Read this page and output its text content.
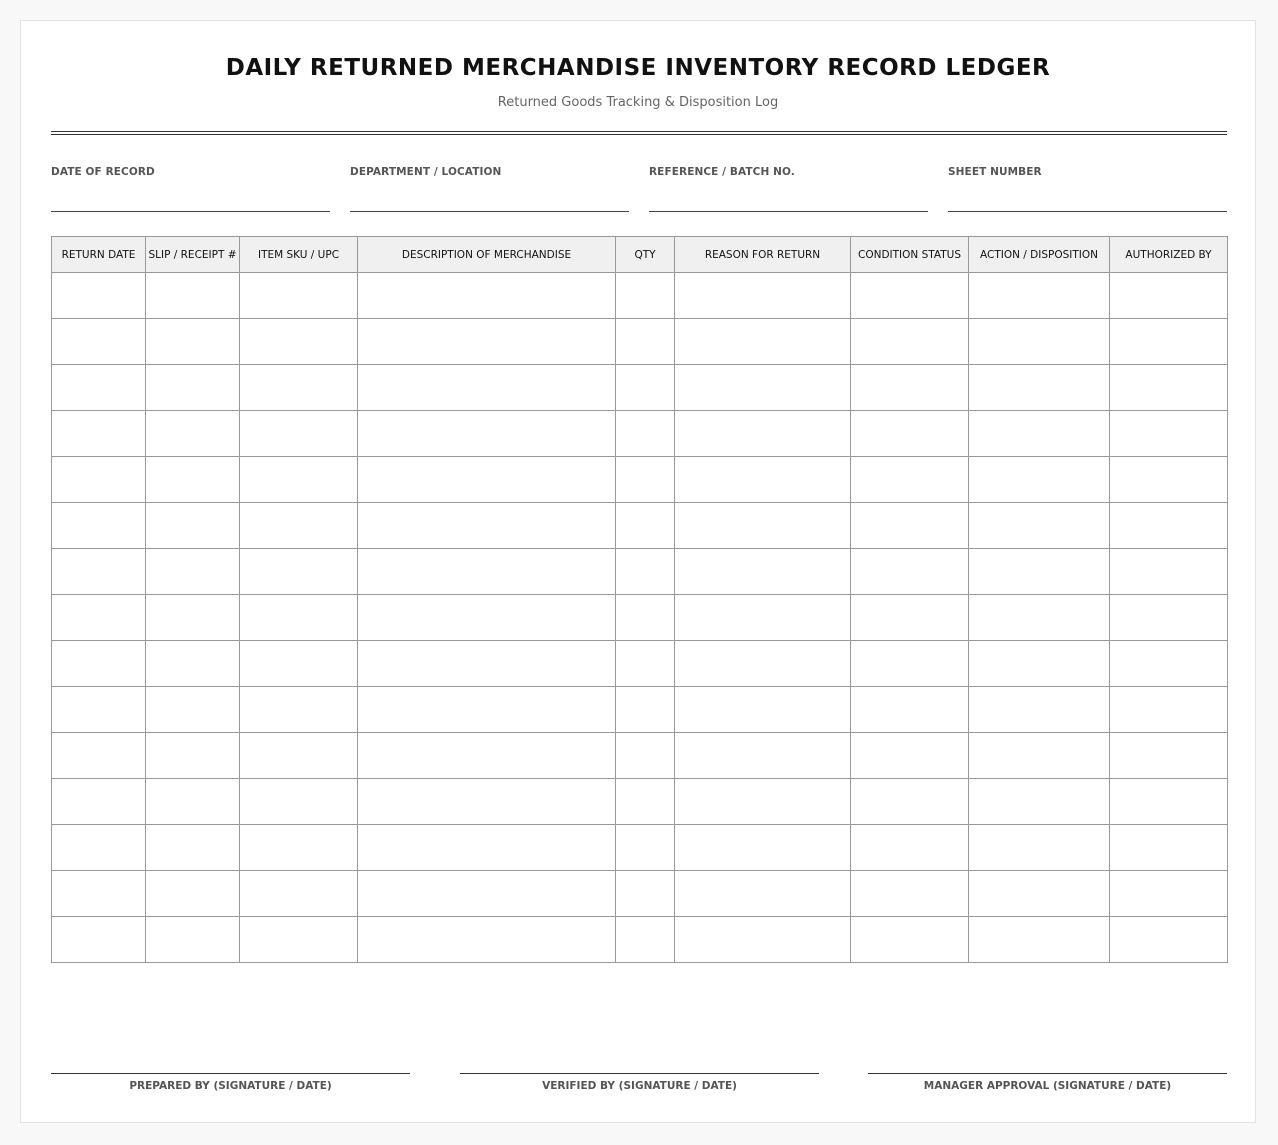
DAILY RETURNED MERCHANDISE INVENTORY RECORD LEDGER
Returned Goods Tracking & Disposition Log
DATE OF RECORD	DEPARTMENT / LOCATION	REFERENCE / BATCH NO.	SHEET NUMBER
RETURN DATE	SLIP / RECEIPT #	ITEM SKU / UPC	DESCRIPTION OF MERCHANDISE	QTY	REASON FOR RETURN	CONDITION STATUS	ACTION / DISPOSITION	AUTHORIZED BY

PREPARED BY (SIGNATURE / DATE)	VERIFIED BY (SIGNATURE / DATE)	MANAGER APPROVAL (SIGNATURE / DATE)
